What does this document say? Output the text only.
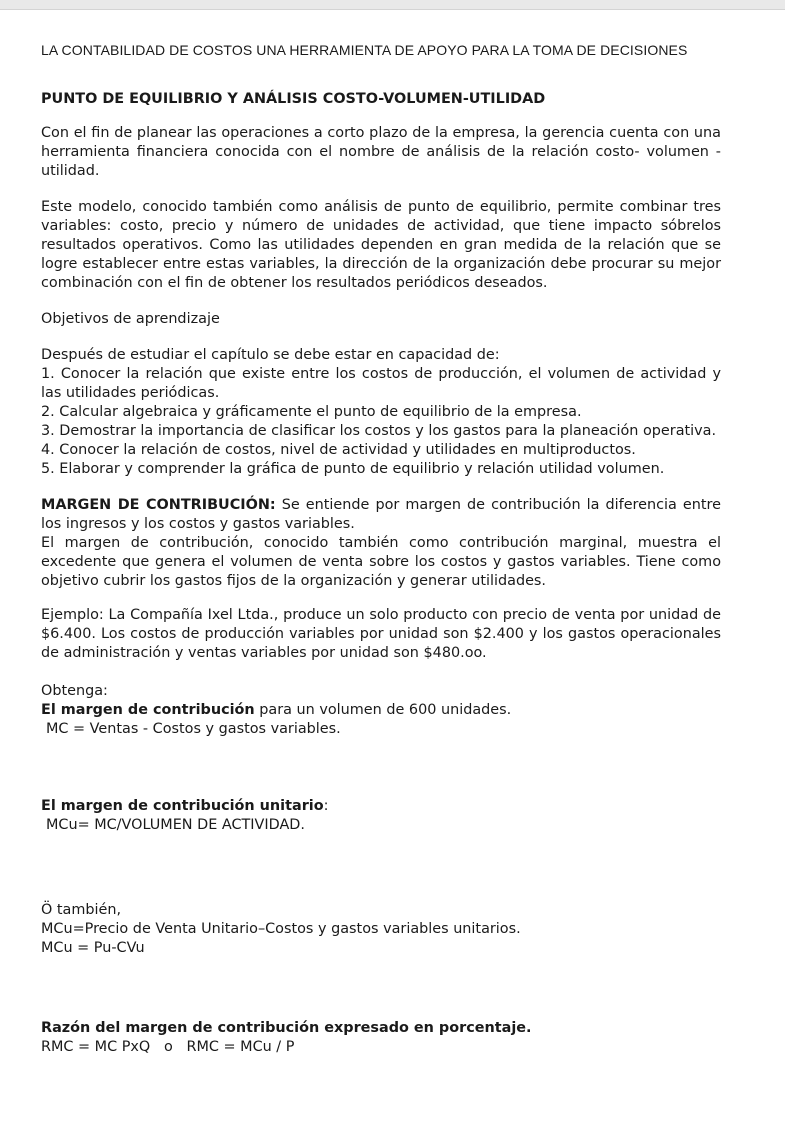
LA CONTABILIDAD DE COSTOS UNA HERRAMIENTA DE APOYO PARA LA TOMA DE DECISIONES
PUNTO DE EQUILIBRIO Y ANÁLISIS COSTO-VOLUMEN-UTILIDAD

Con el fin de planear las operaciones a corto plazo de la empresa, la gerencia cuenta con una herramienta financiera conocida con el nombre de análisis de la relación costo- volumen - utilidad.

Este modelo, conocido también como análisis de punto de equilibrio, permite combinar tres variables: costo, precio y número de unidades de actividad, que tiene impacto sóbrelos resultados operativos. Como las utilidades dependen en gran medida de la relación que se logre establecer entre estas variables, la dirección de la organización debe procurar su mejor combinación con el fin de obtener los resultados periódicos deseados.

Objetivos de aprendizaje

Después de estudiar el capítulo se debe estar en capacidad de:

1. Conocer la relación que existe entre los costos de producción, el volumen de actividad y las utilidades periódicas.
2. Calcular algebraica y gráficamente el punto de equilibrio de la empresa.
3. Demostrar la importancia de clasificar los costos y los gastos para la planeación operativa.
4. Conocer la relación de costos, nivel de actividad y utilidades en multiproductos.
5. Elaborar y comprender la gráfica de punto de equilibrio y relación utilidad volumen.

MARGEN DE CONTRIBUCIÓN: Se entiende por margen de contribución la diferencia entre los ingresos y los costos y gastos variables.

El margen de contribución, conocido también como contribución marginal, muestra el excedente que genera el volumen de venta sobre los costos y gastos variables. Tiene como objetivo cubrir los gastos fijos de la organización y generar utilidades.

Ejemplo: La Compañía Ixel Ltda., produce un solo producto con precio de venta por unidad de $6.400. Los costos de producción variables por unidad son $2.400 y los gastos operacionales de administración y ventas variables por unidad son $480.oo.

Obtenga:

El margen de contribución para un volumen de 600 unidades.

MC = Ventas - Costos y gastos variables.

El margen de contribución unitario:

MCu= MC/VOLUMEN DE ACTIVIDAD.

Ö también,

MCu=Precio de Venta Unitario–Costos y gastos variables unitarios.

MCu = Pu-CVu

Razón del margen de contribución expresado en porcentaje.

RMC = MC PxQ   o   RMC = MCu / P
